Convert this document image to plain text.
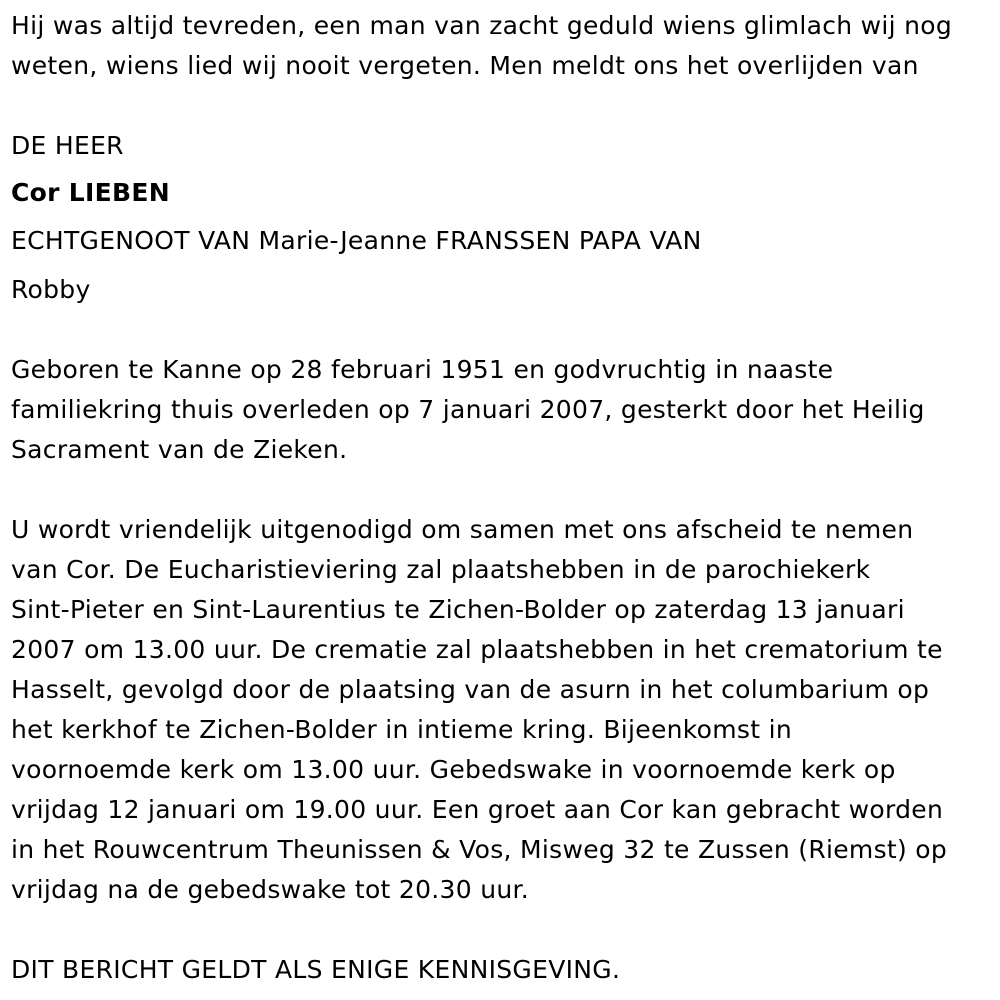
Hij was altijd tevreden, een man van zacht geduld wiens glimlach wij nog
weten, wiens lied wij nooit vergeten. Men meldt ons het overlijden van
DE HEER
Cor LIEBEN
ECHTGENOOT VAN Marie-Jeanne FRANSSEN PAPA VAN
Robby
Geboren te Kanne op 28 februari 1951 en godvruchtig in naaste
familiekring thuis overleden op 7 januari 2007, gesterkt door het Heilig
Sacrament van de Zieken.
U wordt vriendelijk uitgenodigd om samen met ons afscheid te nemen
van Cor. De Eucharistieviering zal plaatshebben in de parochiekerk
Sint-Pieter en Sint-Laurentius te Zichen-Bolder op zaterdag 13 januari
2007 om 13.00 uur. De crematie zal plaatshebben in het crematorium te
Hasselt, gevolgd door de plaatsing van de asurn in het columbarium op
het kerkhof te Zichen-Bolder in intieme kring. Bijeenkomst in
voornoemde kerk om 13.00 uur. Gebedswake in voornoemde kerk op
vrijdag 12 januari om 19.00 uur. Een groet aan Cor kan gebracht worden
in het Rouwcentrum Theunissen & Vos, Misweg 32 te Zussen (Riemst) op
vrijdag na de gebedswake tot 20.30 uur.
DIT BERICHT GELDT ALS ENIGE KENNISGEVING.
